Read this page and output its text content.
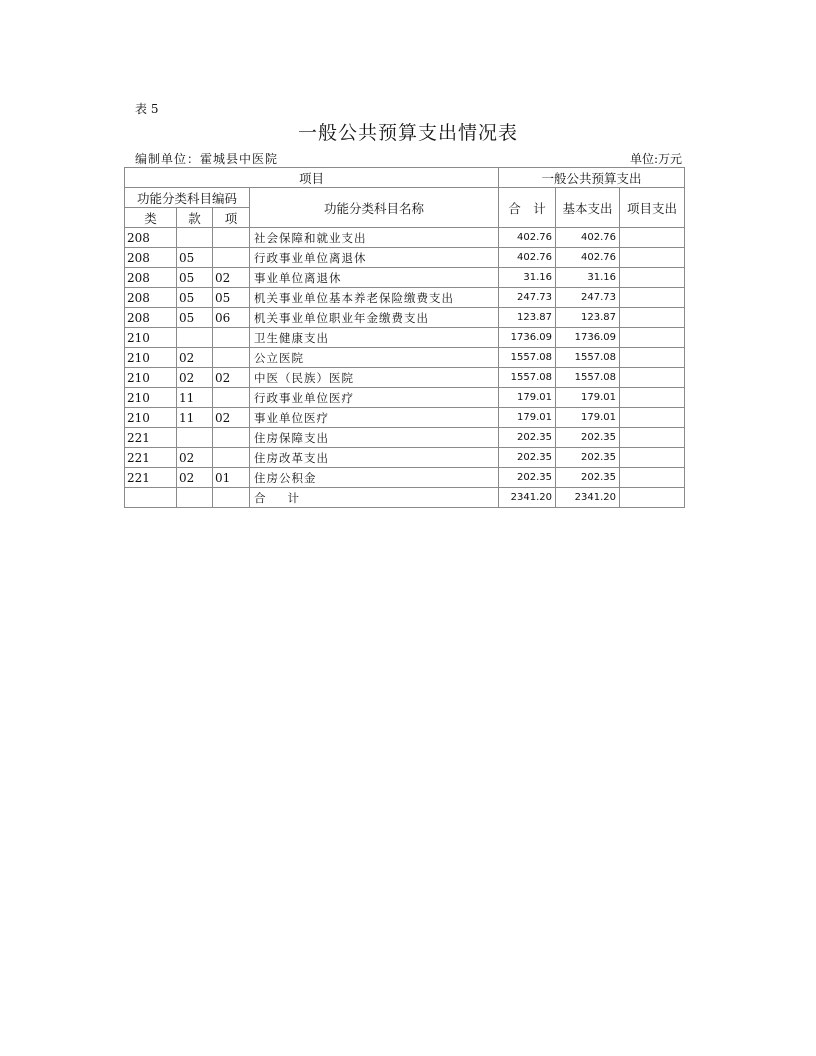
表 5
一般公共预算支出情况表
编制单位：霍城县中医院	单位:万元
项目				一般公共预算支出		
功能分类科目编码			功能分类科目名称	合　计	基本支出	项目支出
类	款	项				
208			社会保障和就业支出	402.76	402.76	
208	05		行政事业单位离退休	402.76	402.76	
208	05	02	事业单位离退休	31.16	31.16	
208	05	05	机关事业单位基本养老保险缴费支出	247.73	247.73	
208	05	06	机关事业单位职业年金缴费支出	123.87	123.87	
210			卫生健康支出	1736.09	1736.09	
210	02		公立医院	1557.08	1557.08	
210	02	02	中医（民族）医院	1557.08	1557.08	
210	11		行政事业单位医疗	179.01	179.01	
210	11	02	事业单位医疗	179.01	179.01	
221			住房保障支出	202.35	202.35	
221	02		住房改革支出	202.35	202.35	
221	02	01	住房公积金	202.35	202.35	
			合 计	2341.20	2341.20	
